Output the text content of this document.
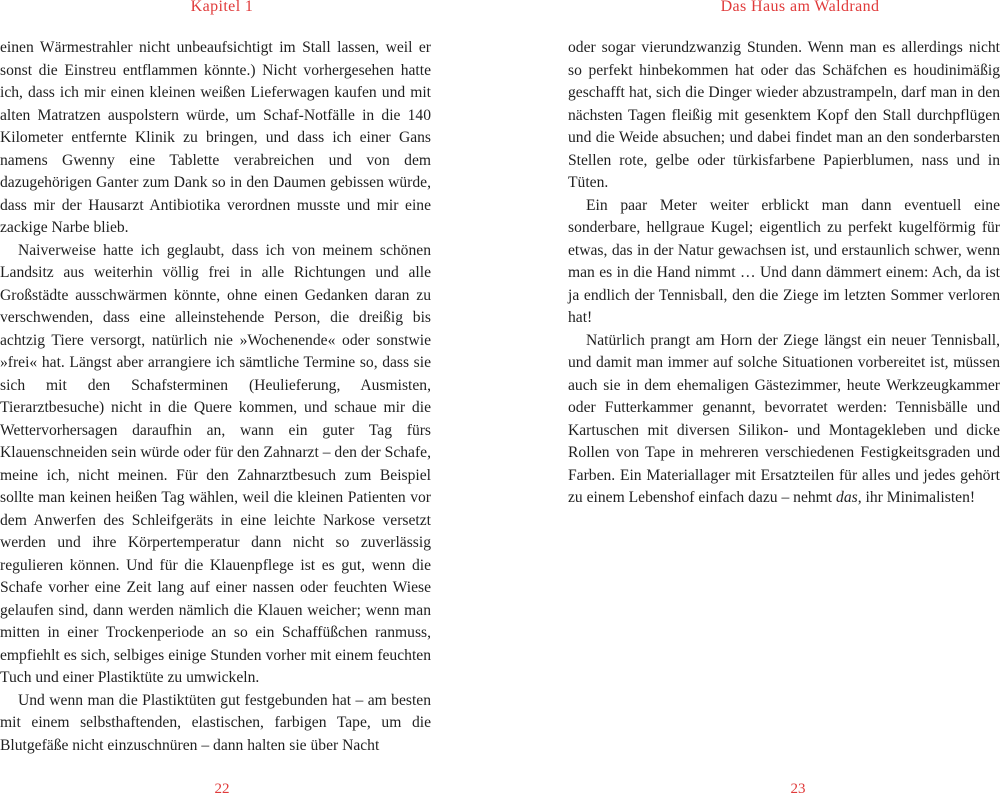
Kapitel 1

einen Wärmestrahler nicht unbeaufsichtigt im Stall lassen, weil er sonst die Einstreu entflammen könnte.) Nicht vorhergesehen hatte ich, dass ich mir einen kleinen weißen Lieferwagen kaufen und mit alten Matratzen auspolstern würde, um Schaf-Notfälle in die 140 Kilometer entfernte Klinik zu bringen, und dass ich einer Gans namens Gwenny eine Tablette verabreichen und von dem dazugehörigen Ganter zum Dank so in den Daumen gebissen würde, dass mir der Hausarzt Antibiotika verordnen musste und mir eine zackige Narbe blieb.

Naiverweise hatte ich geglaubt, dass ich von meinem schönen Landsitz aus weiterhin völlig frei in alle Richtungen und alle Großstädte ausschwärmen könnte, ohne einen Gedanken daran zu verschwenden, dass eine alleinstehende Person, die dreißig bis achtzig Tiere versorgt, natürlich nie »Wochenende« oder sonstwie »frei« hat. Längst aber arrangiere ich sämtliche Termine so, dass sie sich mit den Schafsterminen (Heulieferung, Ausmisten, Tierarztbesuche) nicht in die Quere kommen, und schaue mir die Wettervorhersagen daraufhin an, wann ein guter Tag fürs Klauenschneiden sein würde oder für den Zahnarzt – den der Schafe, meine ich, nicht meinen. Für den Zahnarztbesuch zum Beispiel sollte man keinen heißen Tag wählen, weil die kleinen Patienten vor dem Anwerfen des Schleifgeräts in eine leichte Narkose versetzt werden und ihre Körpertemperatur dann nicht so zuverlässig regulieren können. Und für die Klauenpflege ist es gut, wenn die Schafe vorher eine Zeit lang auf einer nassen oder feuchten Wiese gelaufen sind, dann werden nämlich die Klauen weicher; wenn man mitten in einer Trockenperiode an so ein Schaffüßchen ranmuss, empfiehlt es sich, selbiges einige Stunden vorher mit einem feuchten Tuch und einer Plastiktüte zu umwickeln.

Und wenn man die Plastiktüten gut festgebunden hat – am besten mit einem selbsthaftenden, elastischen, farbigen Tape, um die Blutgefäße nicht einzuschnüren – dann halten sie über Nacht

22
Das Haus am Waldrand

oder sogar vierundzwanzig Stunden. Wenn man es allerdings nicht so perfekt hinbekommen hat oder das Schäfchen es houdinimäßig geschafft hat, sich die Dinger wieder abzustrampeln, darf man in den nächsten Tagen fleißig mit gesenktem Kopf den Stall durchpflügen und die Weide absuchen; und dabei findet man an den sonderbarsten Stellen rote, gelbe oder türkisfarbene Papierblumen, nass und in Tüten.

Ein paar Meter weiter erblickt man dann eventuell eine sonderbare, hellgraue Kugel; eigentlich zu perfekt kugelförmig für etwas, das in der Natur gewachsen ist, und erstaunlich schwer, wenn man es in die Hand nimmt … Und dann dämmert einem: Ach, da ist ja endlich der Tennisball, den die Ziege im letzten Sommer verloren hat!

Natürlich prangt am Horn der Ziege längst ein neuer Tennisball, und damit man immer auf solche Situationen vorbereitet ist, müssen auch sie in dem ehemaligen Gästezimmer, heute Werkzeugkammer oder Futterkammer genannt, bevorratet werden: Tennisbälle und Kartuschen mit diversen Silikon- und Montagekleben und dicke Rollen von Tape in mehreren verschiedenen Festigkeitsgraden und Farben. Ein Materiallager mit Ersatzteilen für alles und jedes gehört zu einem Lebenshof einfach dazu – nehmt das, ihr Minimalisten!

23
